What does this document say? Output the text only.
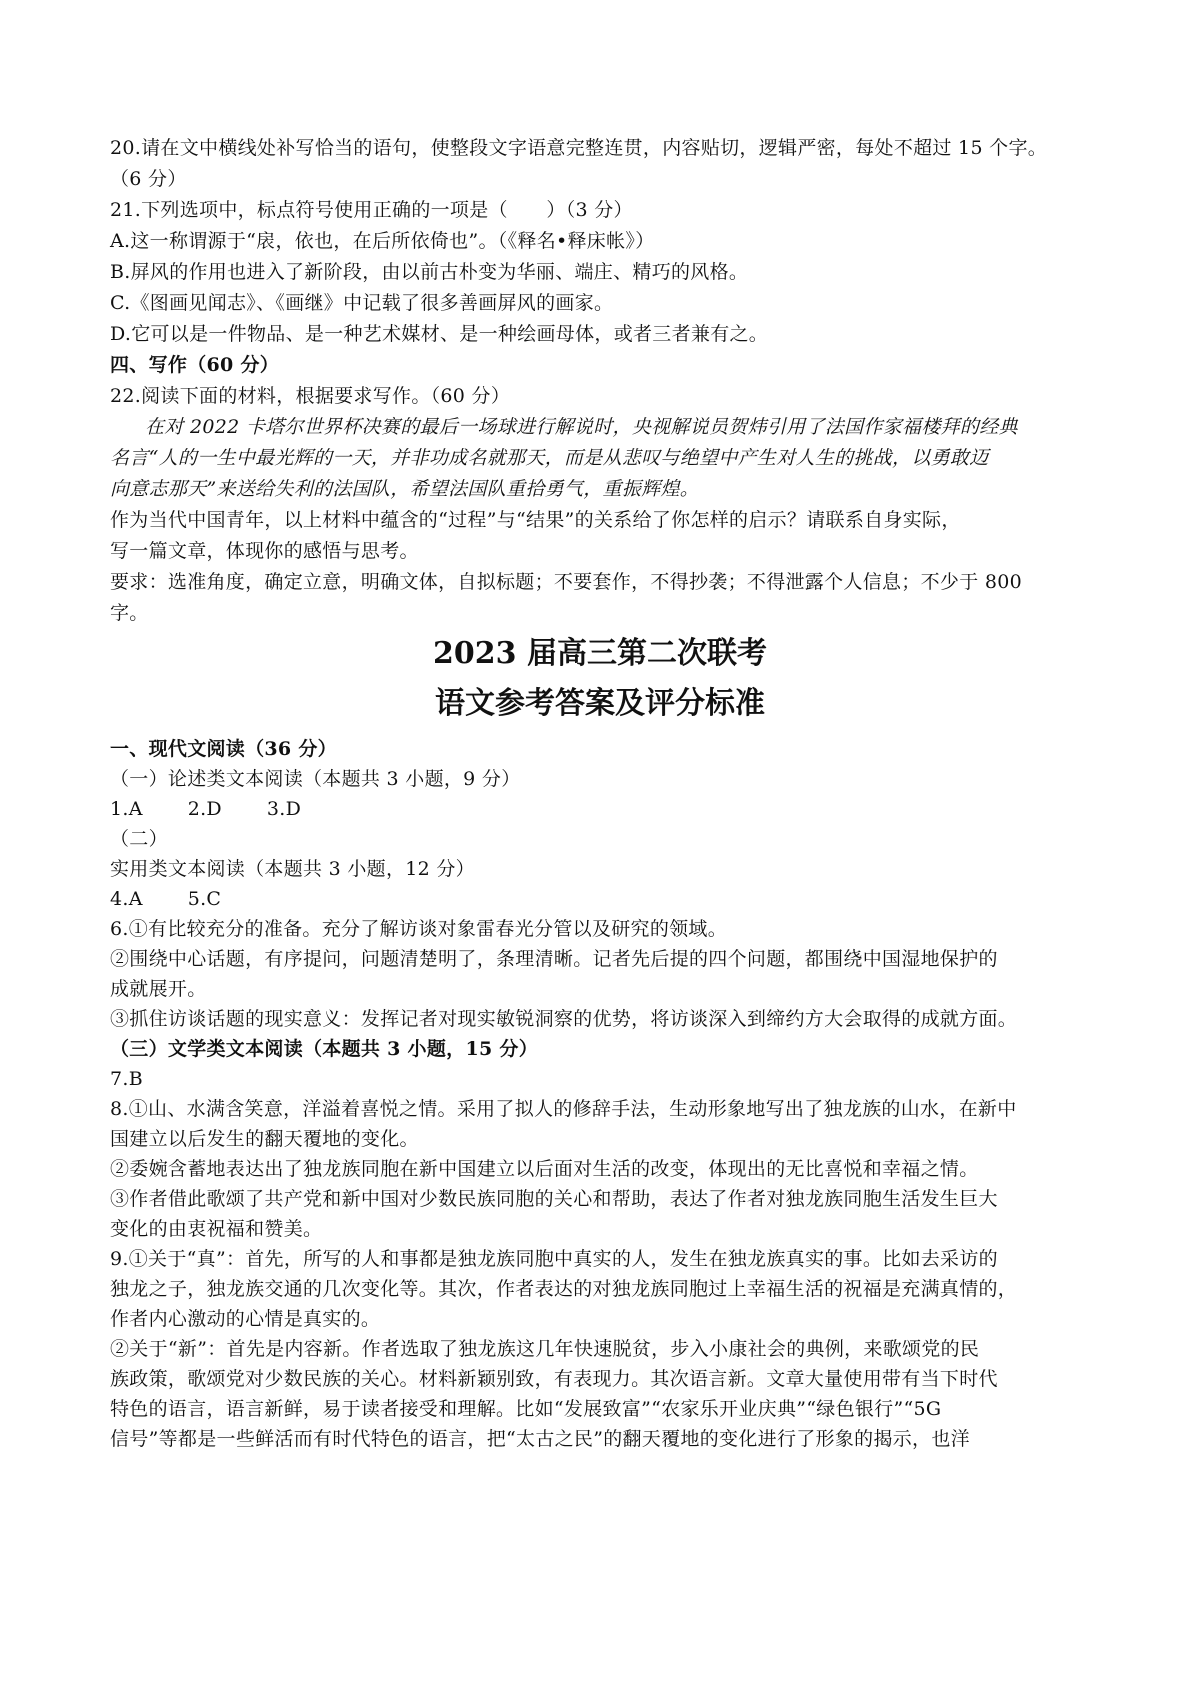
20.请在文中横线处补写恰当的语句，使整段文字语意完整连贯，内容贴切，逻辑严密，每处不超过 15 个字。
（6 分）
21.下列选项中，标点符号使用正确的一项是（　　）（3 分）
A.这一称谓源于“扆，依也，在后所依倚也”。（《释名•释床帐》）
B.屏风的作用也进入了新阶段，由以前古朴变为华丽、端庄、精巧的风格。
C.《图画见闻志》、《画继》中记载了很多善画屏风的画家。
D.它可以是一件物品、是一种艺术媒材、是一种绘画母体，或者三者兼有之。
四、写作（60 分）
22.阅读下面的材料，根据要求写作。（60 分）
在对 2022 卡塔尔世界杯决赛的最后一场球进行解说时，央视解说员贺炜引用了法国作家福楼拜的经典
名言“人的一生中最光辉的一天，并非功成名就那天，而是从悲叹与绝望中产生对人生的挑战，以勇敢迈
向意志那天”来送给失利的法国队，希望法国队重拾勇气，重振辉煌。
作为当代中国青年，以上材料中蕴含的“过程”与“结果”的关系给了你怎样的启示？请联系自身实际，
写一篇文章，体现你的感悟与思考。
要求：选准角度，确定立意，明确文体，自拟标题；不要套作，不得抄袭；不得泄露个人信息；不少于 800
字。
2023 届高三第二次联考
语文参考答案及评分标准
一、现代文阅读（36 分）
（一）论述类文本阅读（本题共 3 小题，9 分）
1.A　　 2.D　　 3.D
（二）
实用类文本阅读（本题共 3 小题，12 分）
4.A　　 5.C
6.①有比较充分的准备。充分了解访谈对象雷春光分管以及研究的领域。
②围绕中心话题，有序提问，问题清楚明了，条理清晰。记者先后提的四个问题，都围绕中国湿地保护的
成就展开。
③抓住访谈话题的现实意义：发挥记者对现实敏锐洞察的优势，将访谈深入到缔约方大会取得的成就方面。
（三）文学类文本阅读（本题共 3 小题，15 分）
7.B
8.①山、水满含笑意，洋溢着喜悦之情。采用了拟人的修辞手法，生动形象地写出了独龙族的山水，在新中
国建立以后发生的翻天覆地的变化。
②委婉含蓄地表达出了独龙族同胞在新中国建立以后面对生活的改变，体现出的无比喜悦和幸福之情。
③作者借此歌颂了共产党和新中国对少数民族同胞的关心和帮助，表达了作者对独龙族同胞生活发生巨大
变化的由衷祝福和赞美。
9.①关于“真”：首先，所写的人和事都是独龙族同胞中真实的人，发生在独龙族真实的事。比如去采访的
独龙之子，独龙族交通的几次变化等。其次，作者表达的对独龙族同胞过上幸福生活的祝福是充满真情的，
作者内心激动的心情是真实的。
②关于“新”：首先是内容新。作者选取了独龙族这几年快速脱贫，步入小康社会的典例，来歌颂党的民
族政策，歌颂党对少数民族的关心。材料新颖别致，有表现力。其次语言新。文章大量使用带有当下时代
特色的语言，语言新鲜，易于读者接受和理解。比如“发展致富”“农家乐开业庆典”“绿色银行”“5G
信号”等都是一些鲜活而有时代特色的语言，把“太古之民”的翻天覆地的变化进行了形象的揭示，也洋
